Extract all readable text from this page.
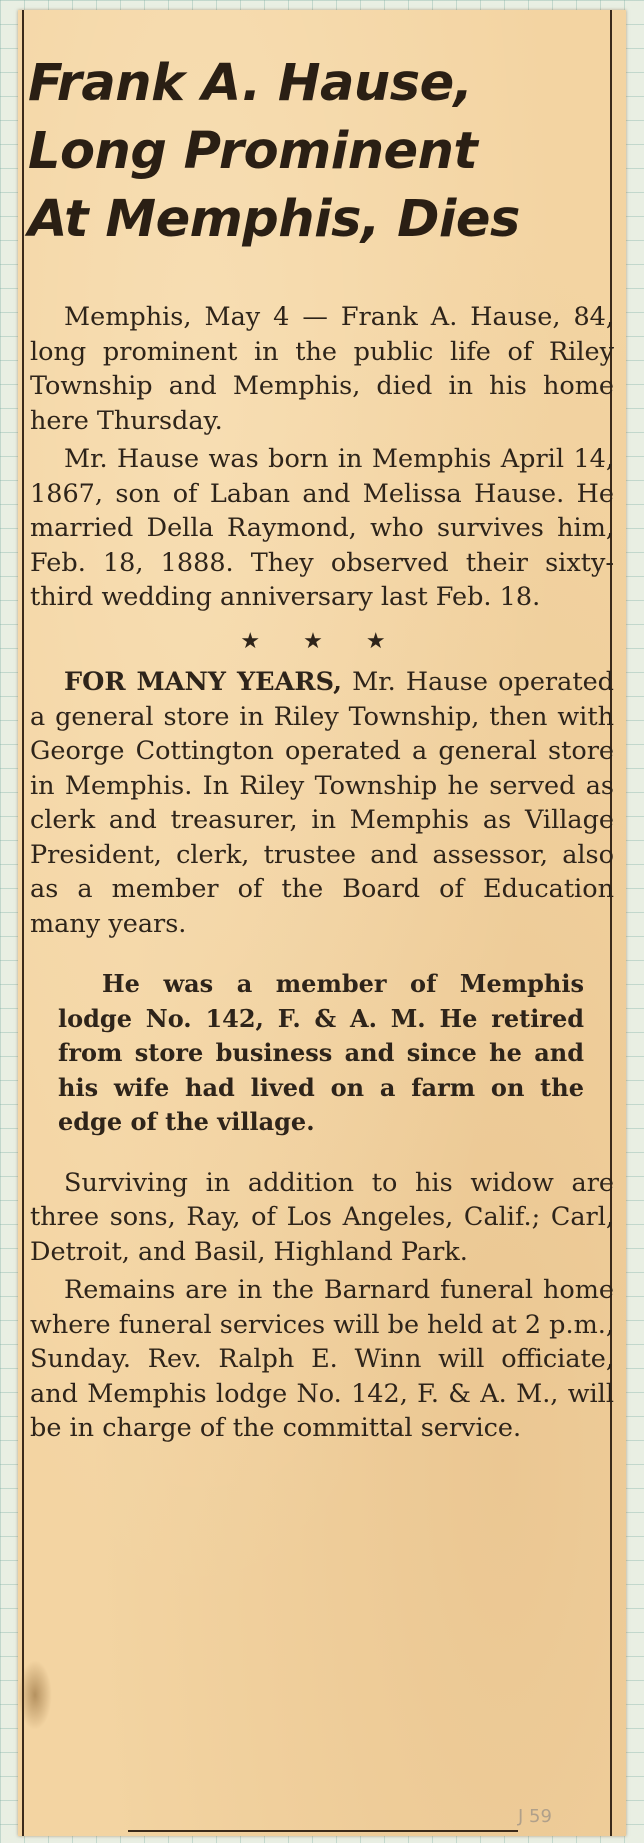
Frank A. Hause,
Long Prominent
At Memphis, Dies

Memphis, May 4 — Frank A. Hause, 84, long prominent in the public life of Riley Township and Memphis, died in his home here Thursday.

Mr. Hause was born in Memphis April 14, 1867, son of Laban and Melissa Hause. He married Della Raymond, who survives him, Feb. 18, 1888. They observed their sixty-third wedding anniversary last Feb. 18.

★ ★ ★

FOR MANY YEARS, Mr. Hause operated a general store in Riley Township, then with George Cottington operated a general store in Memphis. In Riley Township he served as clerk and treasurer, in Memphis as Village President, clerk, trustee and assessor, also as a member of the Board of Education many years.

He was a member of Memphis lodge No. 142, F. & A. M. He retired from store business and since he and his wife had lived on a farm on the edge of the village.

Surviving in addition to his widow are three sons, Ray, of Los Angeles, Calif.; Carl, Detroit, and Basil, Highland Park.

Remains are in the Barnard funeral home where funeral services will be held at 2 p.m., Sunday. Rev. Ralph E. Winn will officiate, and Memphis lodge No. 142, F. & A. M., will be in charge of the committal service.

J 59
